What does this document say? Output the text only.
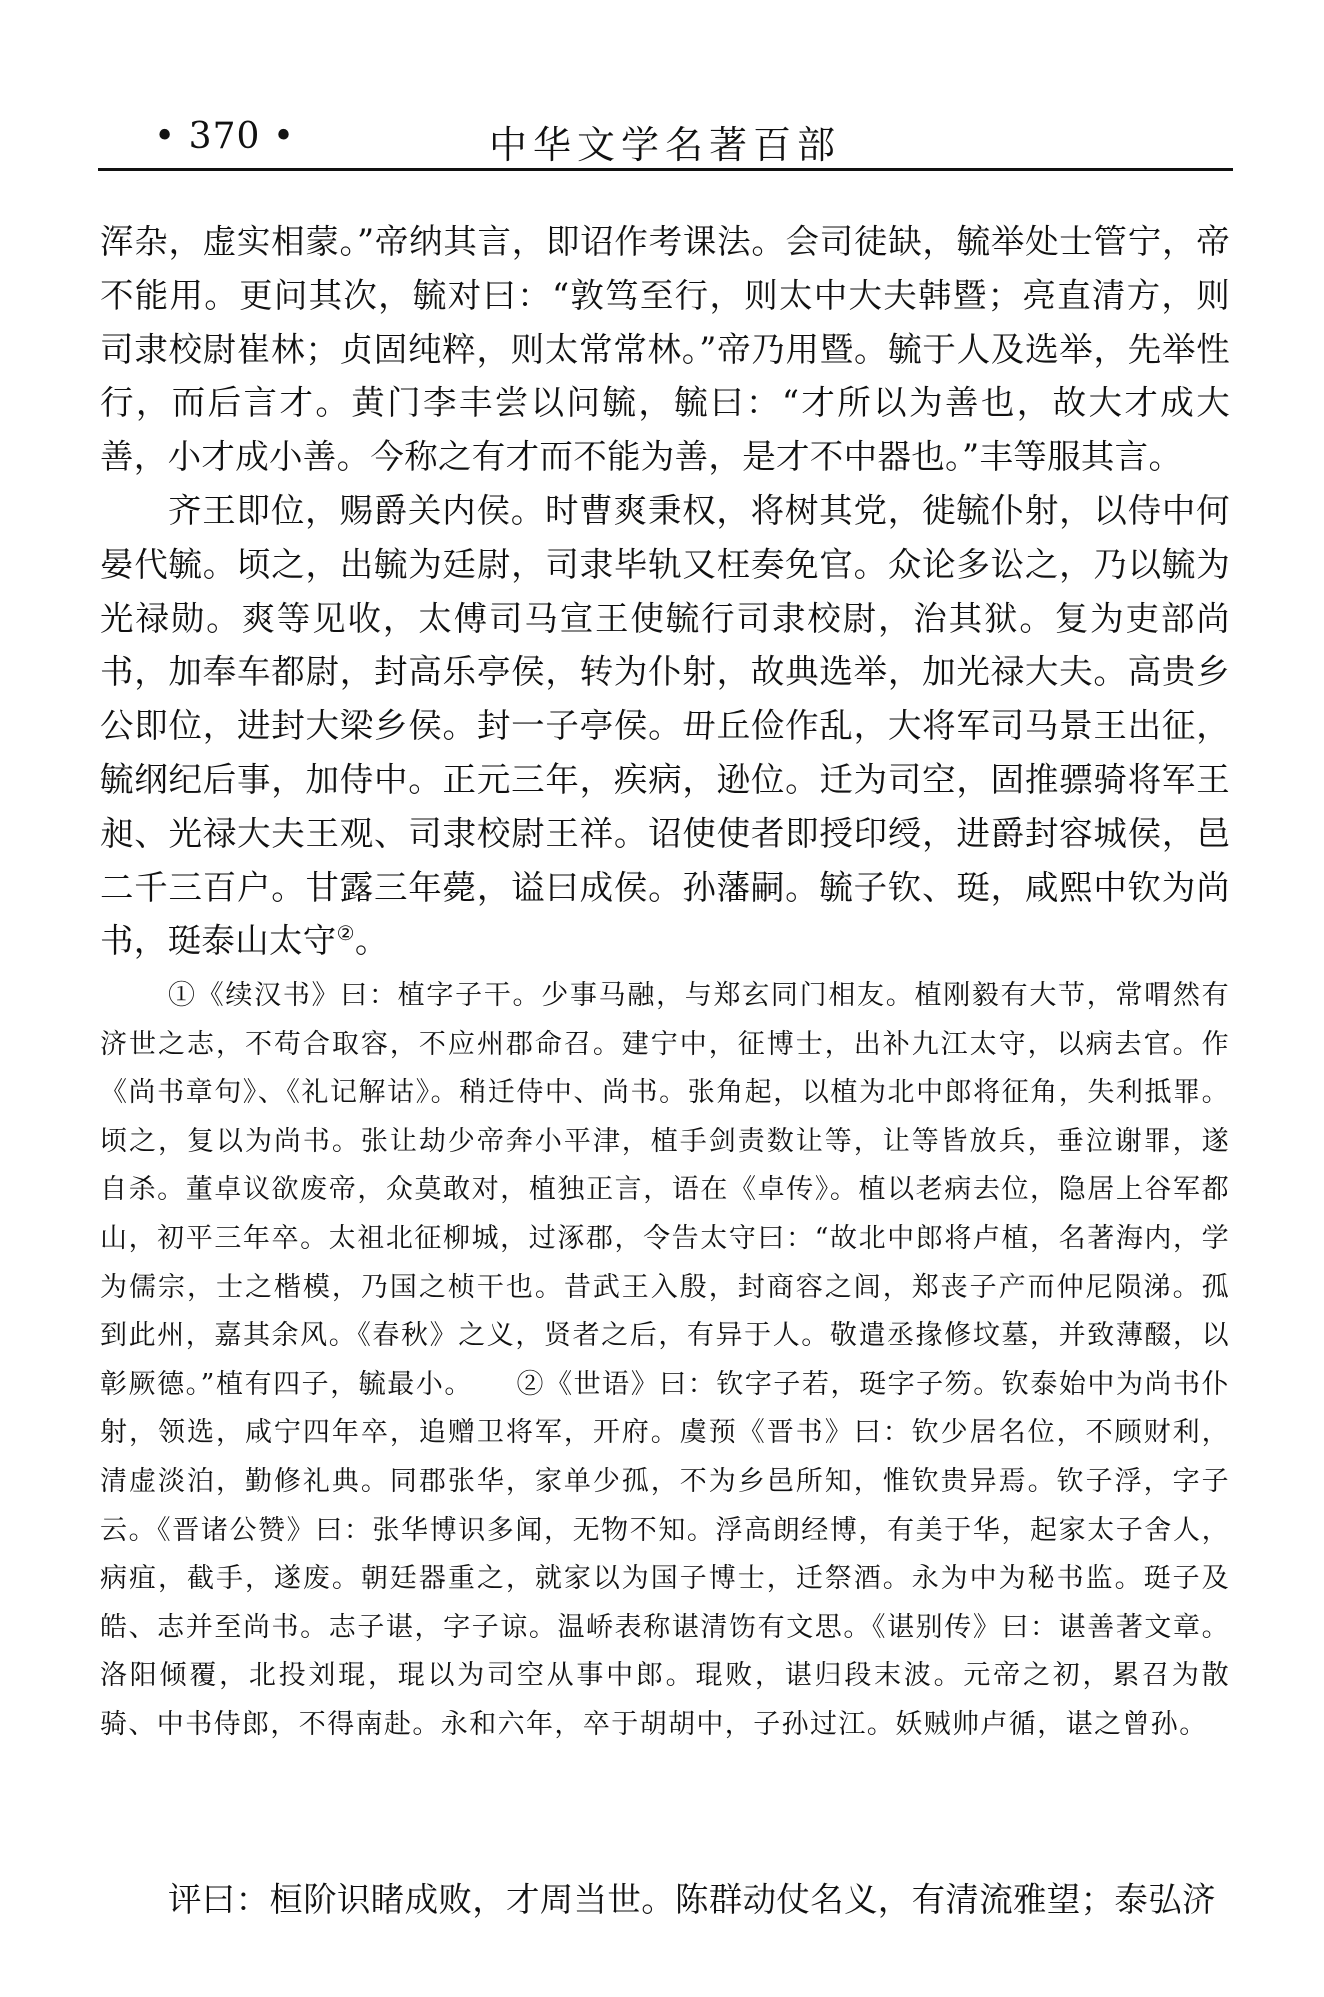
• 370 •	中华文学名著百部

浑杂，虚实相蒙。”帝纳其言，即诏作考课法。会司徒缺，毓举处士管宁，帝不能用。更问其次，毓对曰：“敦笃至行，则太中大夫韩暨；亮直清方，则司隶校尉崔林；贞固纯粹，则太常常林。”帝乃用暨。毓于人及选举，先举性行，而后言才。黄门李丰尝以问毓，毓曰：“才所以为善也，故大才成大善，小才成小善。今称之有才而不能为善，是才不中器也。”丰等服其言。

齐王即位，赐爵关内侯。时曹爽秉权，将树其党，徙毓仆射，以侍中何晏代毓。顷之，出毓为廷尉，司隶毕轨又枉奏免官。众论多讼之，乃以毓为光禄勋。爽等见收，太傅司马宣王使毓行司隶校尉，治其狱。复为吏部尚书，加奉车都尉，封高乐亭侯，转为仆射，故典选举，加光禄大夫。高贵乡公即位，进封大梁乡侯。封一子亭侯。毌丘俭作乱，大将军司马景王出征，毓纲纪后事，加侍中。正元三年，疾病，逊位。迁为司空，固推骠骑将军王昶、光禄大夫王观、司隶校尉王祥。诏使使者即授印绶，进爵封容城侯，邑二千三百户。甘露三年薨，谥曰成侯。孙藩嗣。毓子钦、珽，咸熙中钦为尚书，珽泰山太守②。

①《续汉书》曰：植字子干。少事马融，与郑玄同门相友。植刚毅有大节，常喟然有济世之志，不苟合取容，不应州郡命召。建宁中，征博士，出补九江太守，以病去官。作《尚书章句》、《礼记解诂》。稍迁侍中、尚书。张角起，以植为北中郎将征角，失利抵罪。顷之，复以为尚书。张让劫少帝奔小平津，植手剑责数让等，让等皆放兵，垂泣谢罪，遂自杀。董卓议欲废帝，众莫敢对，植独正言，语在《卓传》。植以老病去位，隐居上谷军都山，初平三年卒。太祖北征柳城，过涿郡，令告太守曰：“故北中郎将卢植，名著海内，学为儒宗，士之楷模，乃国之桢干也。昔武王入殷，封商容之闾，郑丧子产而仲尼陨涕。孤到此州，嘉其余风。《春秋》之义，贤者之后，有异于人。敬遣丞掾修坟墓，并致薄醊，以彰厥德。”植有四子，毓最小。　　 ②《世语》曰：钦字子若，珽字子笏。钦泰始中为尚书仆射，领选，咸宁四年卒，追赠卫将军，开府。虞预《晋书》曰：钦少居名位，不顾财利，清虚淡泊，勤修礼典。同郡张华，家单少孤，不为乡邑所知，惟钦贵异焉。钦子浮，字子云。《晋诸公赞》曰：张华博识多闻，无物不知。浮高朗经博，有美于华，起家太子舍人，病疽，截手，遂废。朝廷器重之，就家以为国子博士，迁祭酒。永为中为秘书监。珽子及皓、志并至尚书。志子谌，字子谅。温峤表称谌清饬有文思。《谌别传》曰：谌善著文章。洛阳倾覆，北投刘琨，琨以为司空从事中郎。琨败，谌归段末波。元帝之初，累召为散骑、中书侍郎，不得南赴。永和六年，卒于胡胡中，子孙过江。妖贼帅卢循，谌之曾孙。

评曰：桓阶识睹成败，才周当世。陈群动仗名义，有清流雅望；泰弘济
